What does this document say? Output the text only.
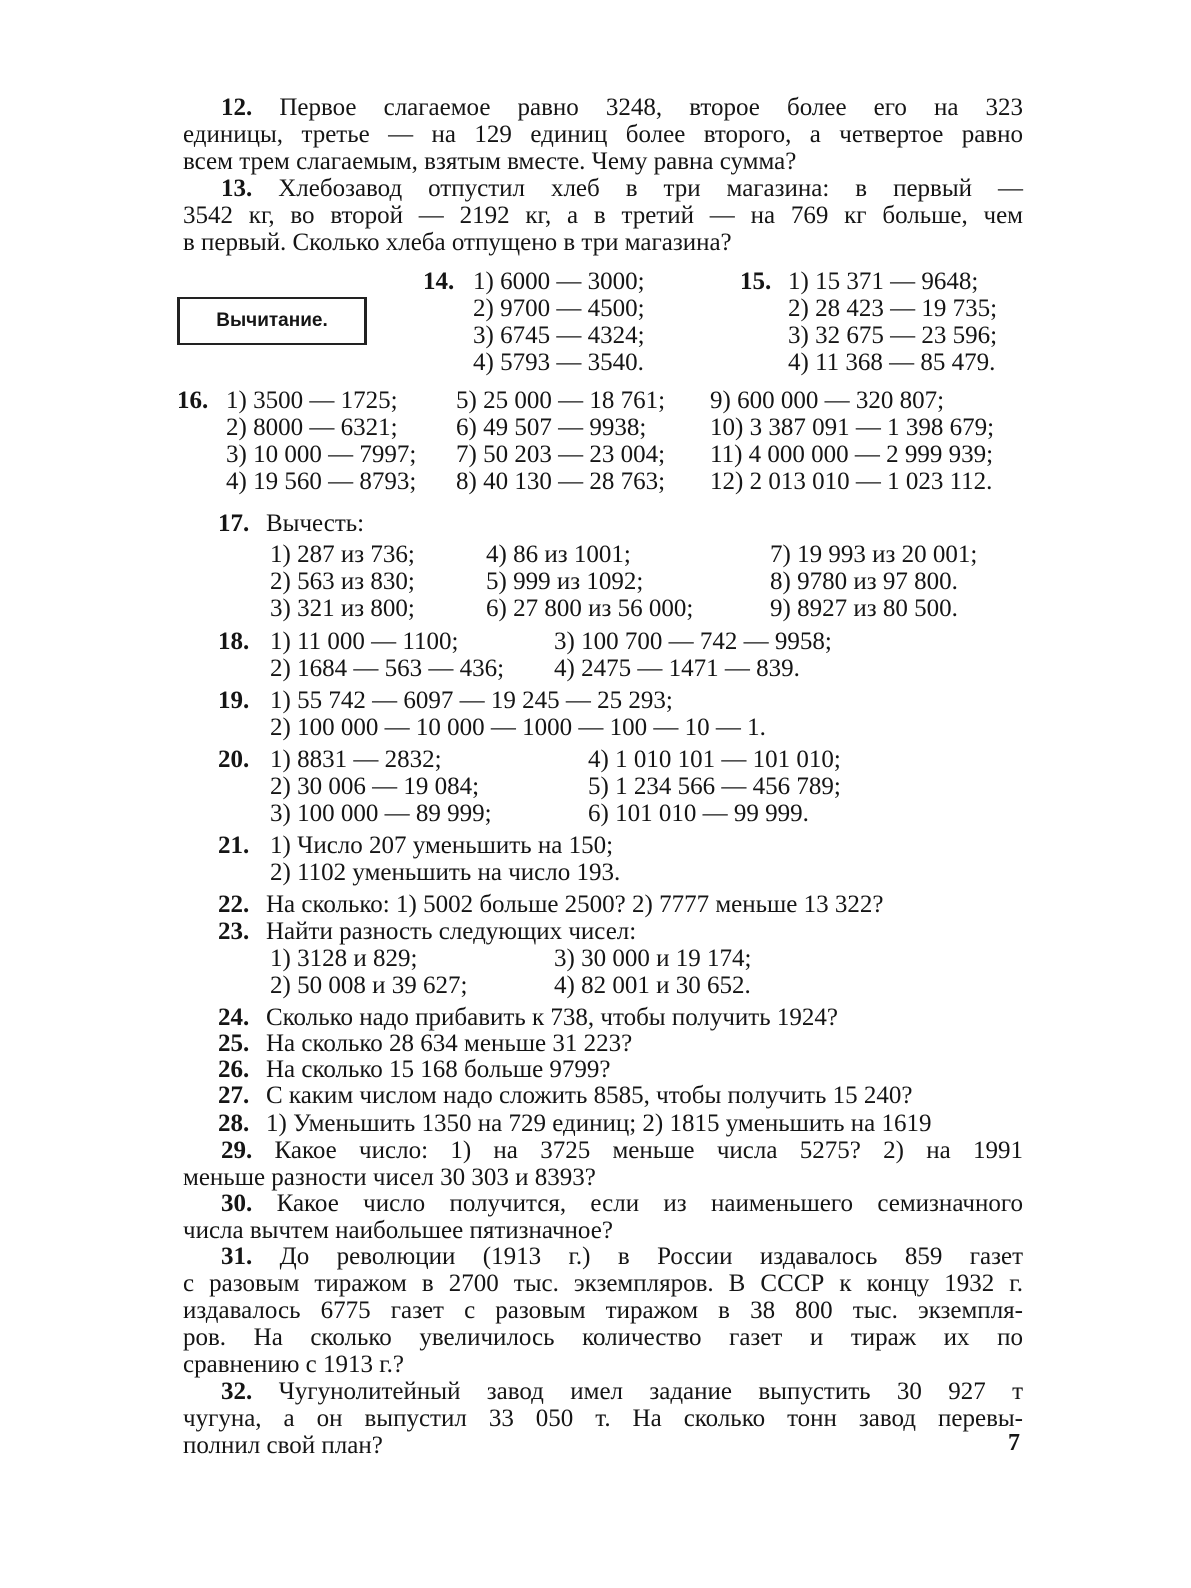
12. Первое слагаемое равно 3248, второе более его на 323
единицы, третье — на 129 единиц более второго, а четвертое равно
всем трем слагаемым, взятым вместе. Чему равна сумма?
13. Хлебозавод отпустил хлеб в три магазина: в первый —
3542 кг, во второй — 2192 кг, а в третий — на 769 кг больше, чем
в первый. Сколько хлеба отпущено в три магазина?
Вычитание.
14. 1) 6000 — 3000;
2) 9700 — 4500;
3) 6745 — 4324;
4) 5793 — 3540.
15. 1) 15 371 — 9648;
2) 28 423 — 19 735;
3) 32 675 — 23 596;
4) 11 368 — 85 479.
16. 1) 3500 — 1725;
2) 8000 — 6321;
3) 10 000 — 7997;
4) 19 560 — 8793;
5) 25 000 — 18 761;
6) 49 507 — 9938;
7) 50 203 — 23 004;
8) 40 130 — 28 763;
9) 600 000 — 320 807;
10) 3 387 091 — 1 398 679;
11) 4 000 000 — 2 999 939;
12) 2 013 010 — 1 023 112.
17. Вычесть:
1) 287 из 736;
2) 563 из 830;
3) 321 из 800;
4) 86 из 1001;
5) 999 из 1092;
6) 27 800 из 56 000;
7) 19 993 из 20 001;
8) 9780 из 97 800.
9) 8927 из 80 500.
18. 1) 11 000 — 1100;
2) 1684 — 563 — 436;
3) 100 700 — 742 — 9958;
4) 2475 — 1471 — 839.
19. 1) 55 742 — 6097 — 19 245 — 25 293;
2) 100 000 — 10 000 — 1000 — 100 — 10 — 1.
20. 1) 8831 — 2832;
2) 30 006 — 19 084;
3) 100 000 — 89 999;
4) 1 010 101 — 101 010;
5) 1 234 566 — 456 789;
6) 101 010 — 99 999.
21. 1) Число 207 уменьшить на 150;
2) 1102 уменьшить на число 193.
22. На сколько: 1) 5002 больше 2500? 2) 7777 меньше 13 322?
23. Найти разность следующих чисел:
1) 3128 и 829;
2) 50 008 и 39 627;
3) 30 000 и 19 174;
4) 82 001 и 30 652.
24. Сколько надо прибавить к 738, чтобы получить 1924?
25. На сколько 28 634 меньше 31 223?
26. На сколько 15 168 больше 9799?
27. С каким числом надо сложить 8585, чтобы получить 15 240?
28. 1) Уменьшить 1350 на 729 единиц; 2) 1815 уменьшить на 1619
29. Какое число: 1) на 3725 меньше числа 5275? 2) на 1991
меньше разности чисел 30 303 и 8393?
30. Какое число получится, если из наименьшего семизначного
числа вычтем наибольшее пятизначное?
31. До революции (1913 г.) в России издавалось 859 газет
с разовым тиражом в 2700 тыс. экземпляров. В СССР к концу 1932 г.
издавалось 6775 газет с разовым тиражом в 38 800 тыс. экземпля-
ров. На сколько увеличилось количество газет и тираж их по
сравнению с 1913 г.?
32. Чугунолитейный завод имел задание выпустить 30 927 т
чугуна, а он выпустил 33 050 т. На сколько тонн завод перевы-
полнил свой план?	7
